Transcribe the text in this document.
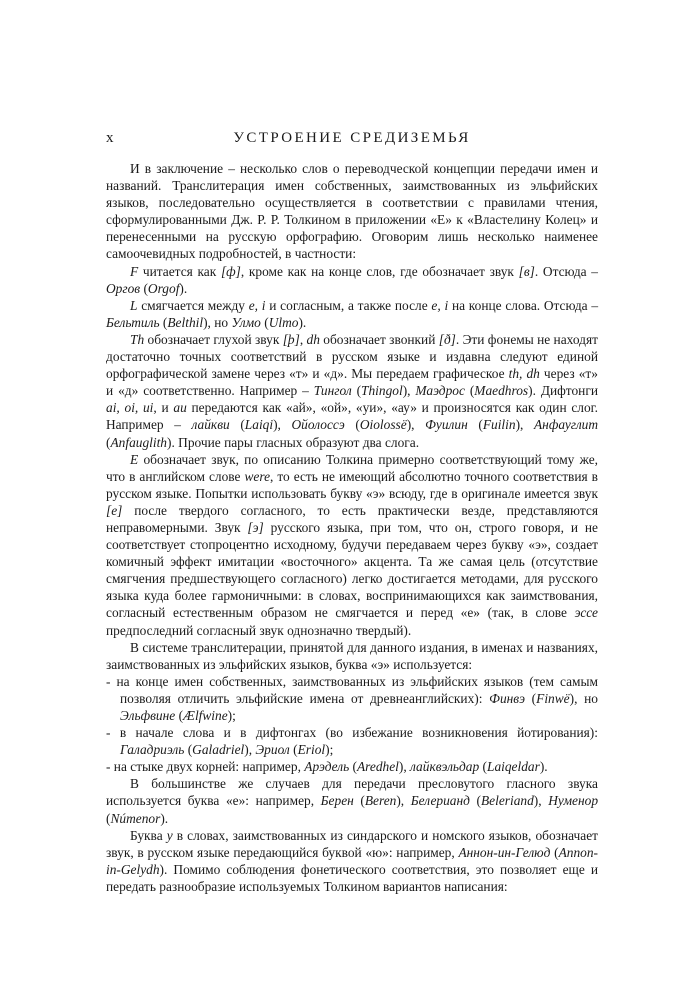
x	УСТРОЕНИЕ СРЕДИЗЕМЬЯ

И в заключение – несколько слов о переводческой концепции передачи имен и названий. Транслитерация имен собственных, заимствованных из эльфийских языков, последовательно осуществляется в соответствии с правилами чтения, сформулированными Дж. Р. Р. Толкином в приложении «Е» к «Властелину Колец» и перенесенными на русскую орфографию. Оговорим лишь несколько наименее самоочевидных подробностей, в частности:

F читается как [ф], кроме как на конце слов, где обозначает звук [в]. Отсюда – Оргов (Orgof).

L смягчается между e, i и согласным, а также после e, i на конце слова. Отсюда – Бельтиль (Belthil), но Улмо (Ulmo).

Th обозначает глухой звук [þ], dh обозначает звонкий [ð]. Эти фонемы не находят достаточно точных соответствий в русском языке и издавна следуют единой орфографической замене через «т» и «д». Мы передаем графическое th, dh через «т» и «д» соответственно. Например – Тингол (Thingol), Маэдрос (Maedhros). Дифтонги ai, oi, ui, и au передаются как «ай», «ой», «уи», «ау» и произносятся как один слог. Например – лайкви (Laiqi), Ойолоссэ (Oiolossë), Фуилин (Fuilin), Анфауглит (Anfauglith). Прочие пары гласных образуют два слога.

E обозначает звук, по описанию Толкина примерно соответствующий тому же, что в английском слове were, то есть не имеющий абсолютно точного соответствия в русском языке. Попытки использовать букву «э» всюду, где в оригинале имеется звук [e] после твердого согласного, то есть практически везде, представляются неправомерными. Звук [э] русского языка, при том, что он, строго говоря, и не соответствует стопроцентно исходному, будучи передаваем через букву «э», создает комичный эффект имитации «восточного» акцента. Та же самая цель (отсутствие смягчения предшествующего согласного) легко достигается методами, для русского языка куда более гармоничными: в словах, воспринимающихся как заимствования, согласный естественным образом не смягчается и перед «е» (так, в слове эссе предпоследний согласный звук однозначно твердый).

В системе транслитерации, принятой для данного издания, в именах и названиях, заимствованных из эльфийских языков, буква «э» используется:

- на конце имен собственных, заимствованных из эльфийских языков (тем самым позволяя отличить эльфийские имена от древнеанглийских): Финвэ (Finwë), но Эльфвине (Ælfwine);

- в начале слова и в дифтонгах (во избежание возникновения йотирования): Галадриэль (Galadriel), Эриол (Eriol);

- на стыке двух корней: например, Арэдель (Aredhel), лайквэльдар (Laiqeldar).

В большинстве же случаев для передачи пресловутого гласного звука используется буква «е»: например, Берен (Beren), Белерианд (Beleriand), Нуменор (Númenor).

Буква y в словах, заимствованных из синдарского и номского языков, обозначает звук, в русском языке передающийся буквой «ю»: например, Аннон-ин-Гелюд (Annon-in-Gelydh). Помимо соблюдения фонетического соответствия, это позволяет еще и передать разнообразие используемых Толкином вариантов написания:
